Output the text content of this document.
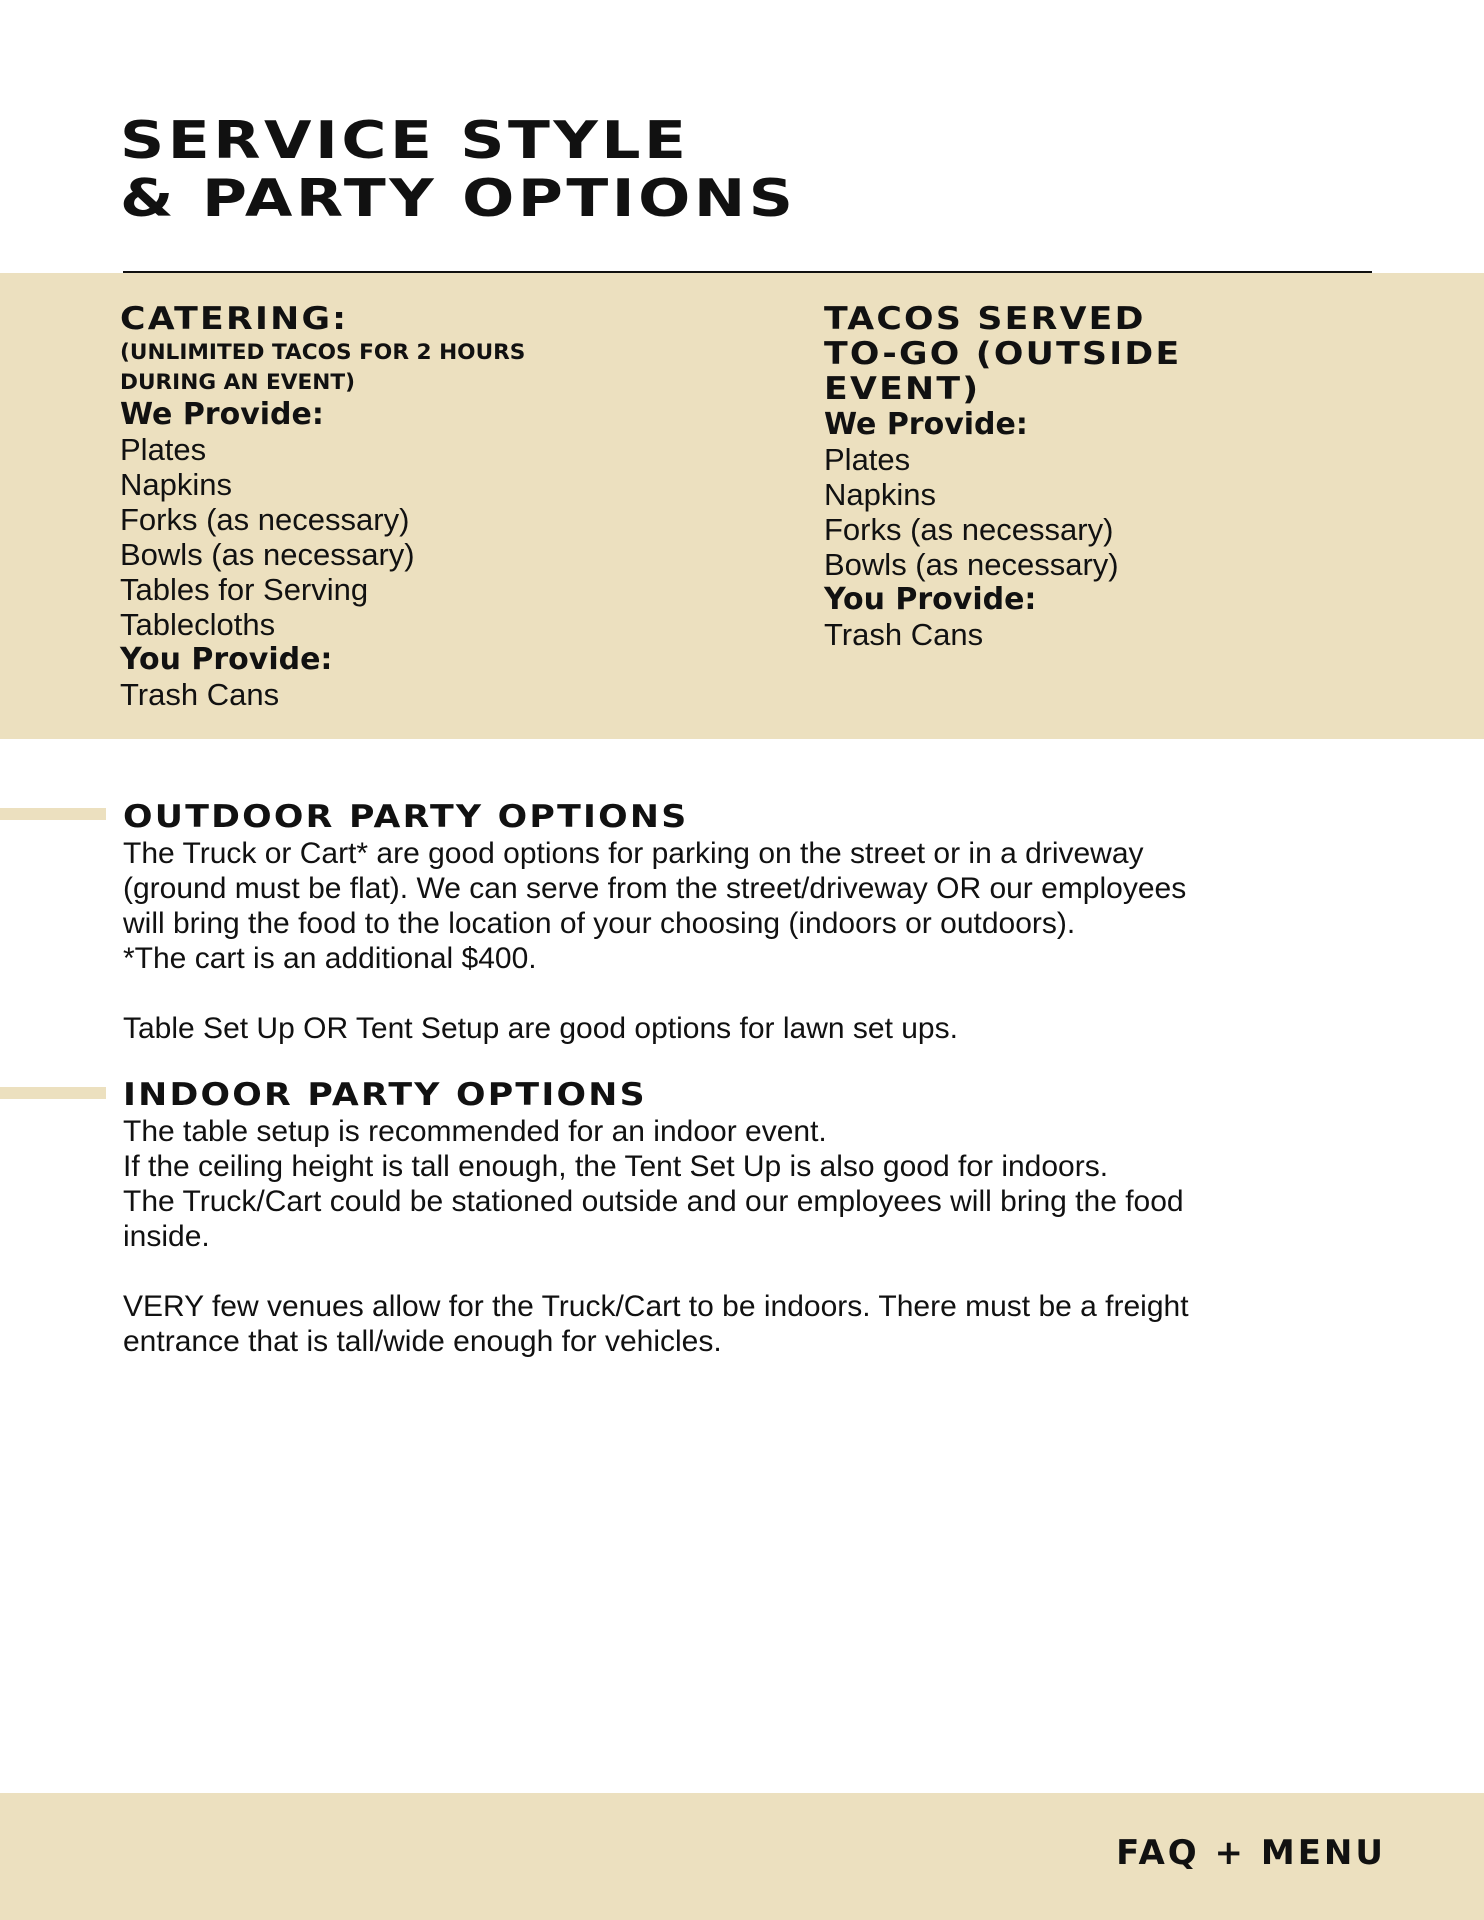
SERVICE STYLE
& PARTY OPTIONS
CATERING:

(UNLIMITED TACOS FOR 2 HOURS
DURING AN EVENT)

We Provide:
Plates
Napkins
Forks (as necessary)
Bowls (as necessary)
Tables for Serving
Tablecloths
You Provide:
Trash Cans
TACOS SERVED
TO-GO (OUTSIDE
EVENT)
We Provide:
Plates
Napkins
Forks (as necessary)
Bowls (as necessary)
You Provide:
Trash Cans
OUTDOOR PARTY OPTIONS

The Truck or Cart* are good options for parking on the street or in a driveway
(ground must be flat). We can serve from the street/driveway OR our employees
will bring the food to the location of your choosing (indoors or outdoors).
*The cart is an additional $400.

Table Set Up OR Tent Setup are good options for lawn set ups.

INDOOR PARTY OPTIONS

The table setup is recommended for an indoor event.
If the ceiling height is tall enough, the Tent Set Up is also good for indoors.
The Truck/Cart could be stationed outside and our employees will bring the food
inside.

VERY few venues allow for the Truck/Cart to be indoors. There must be a freight
entrance that is tall/wide enough for vehicles.

FAQ + MENU
